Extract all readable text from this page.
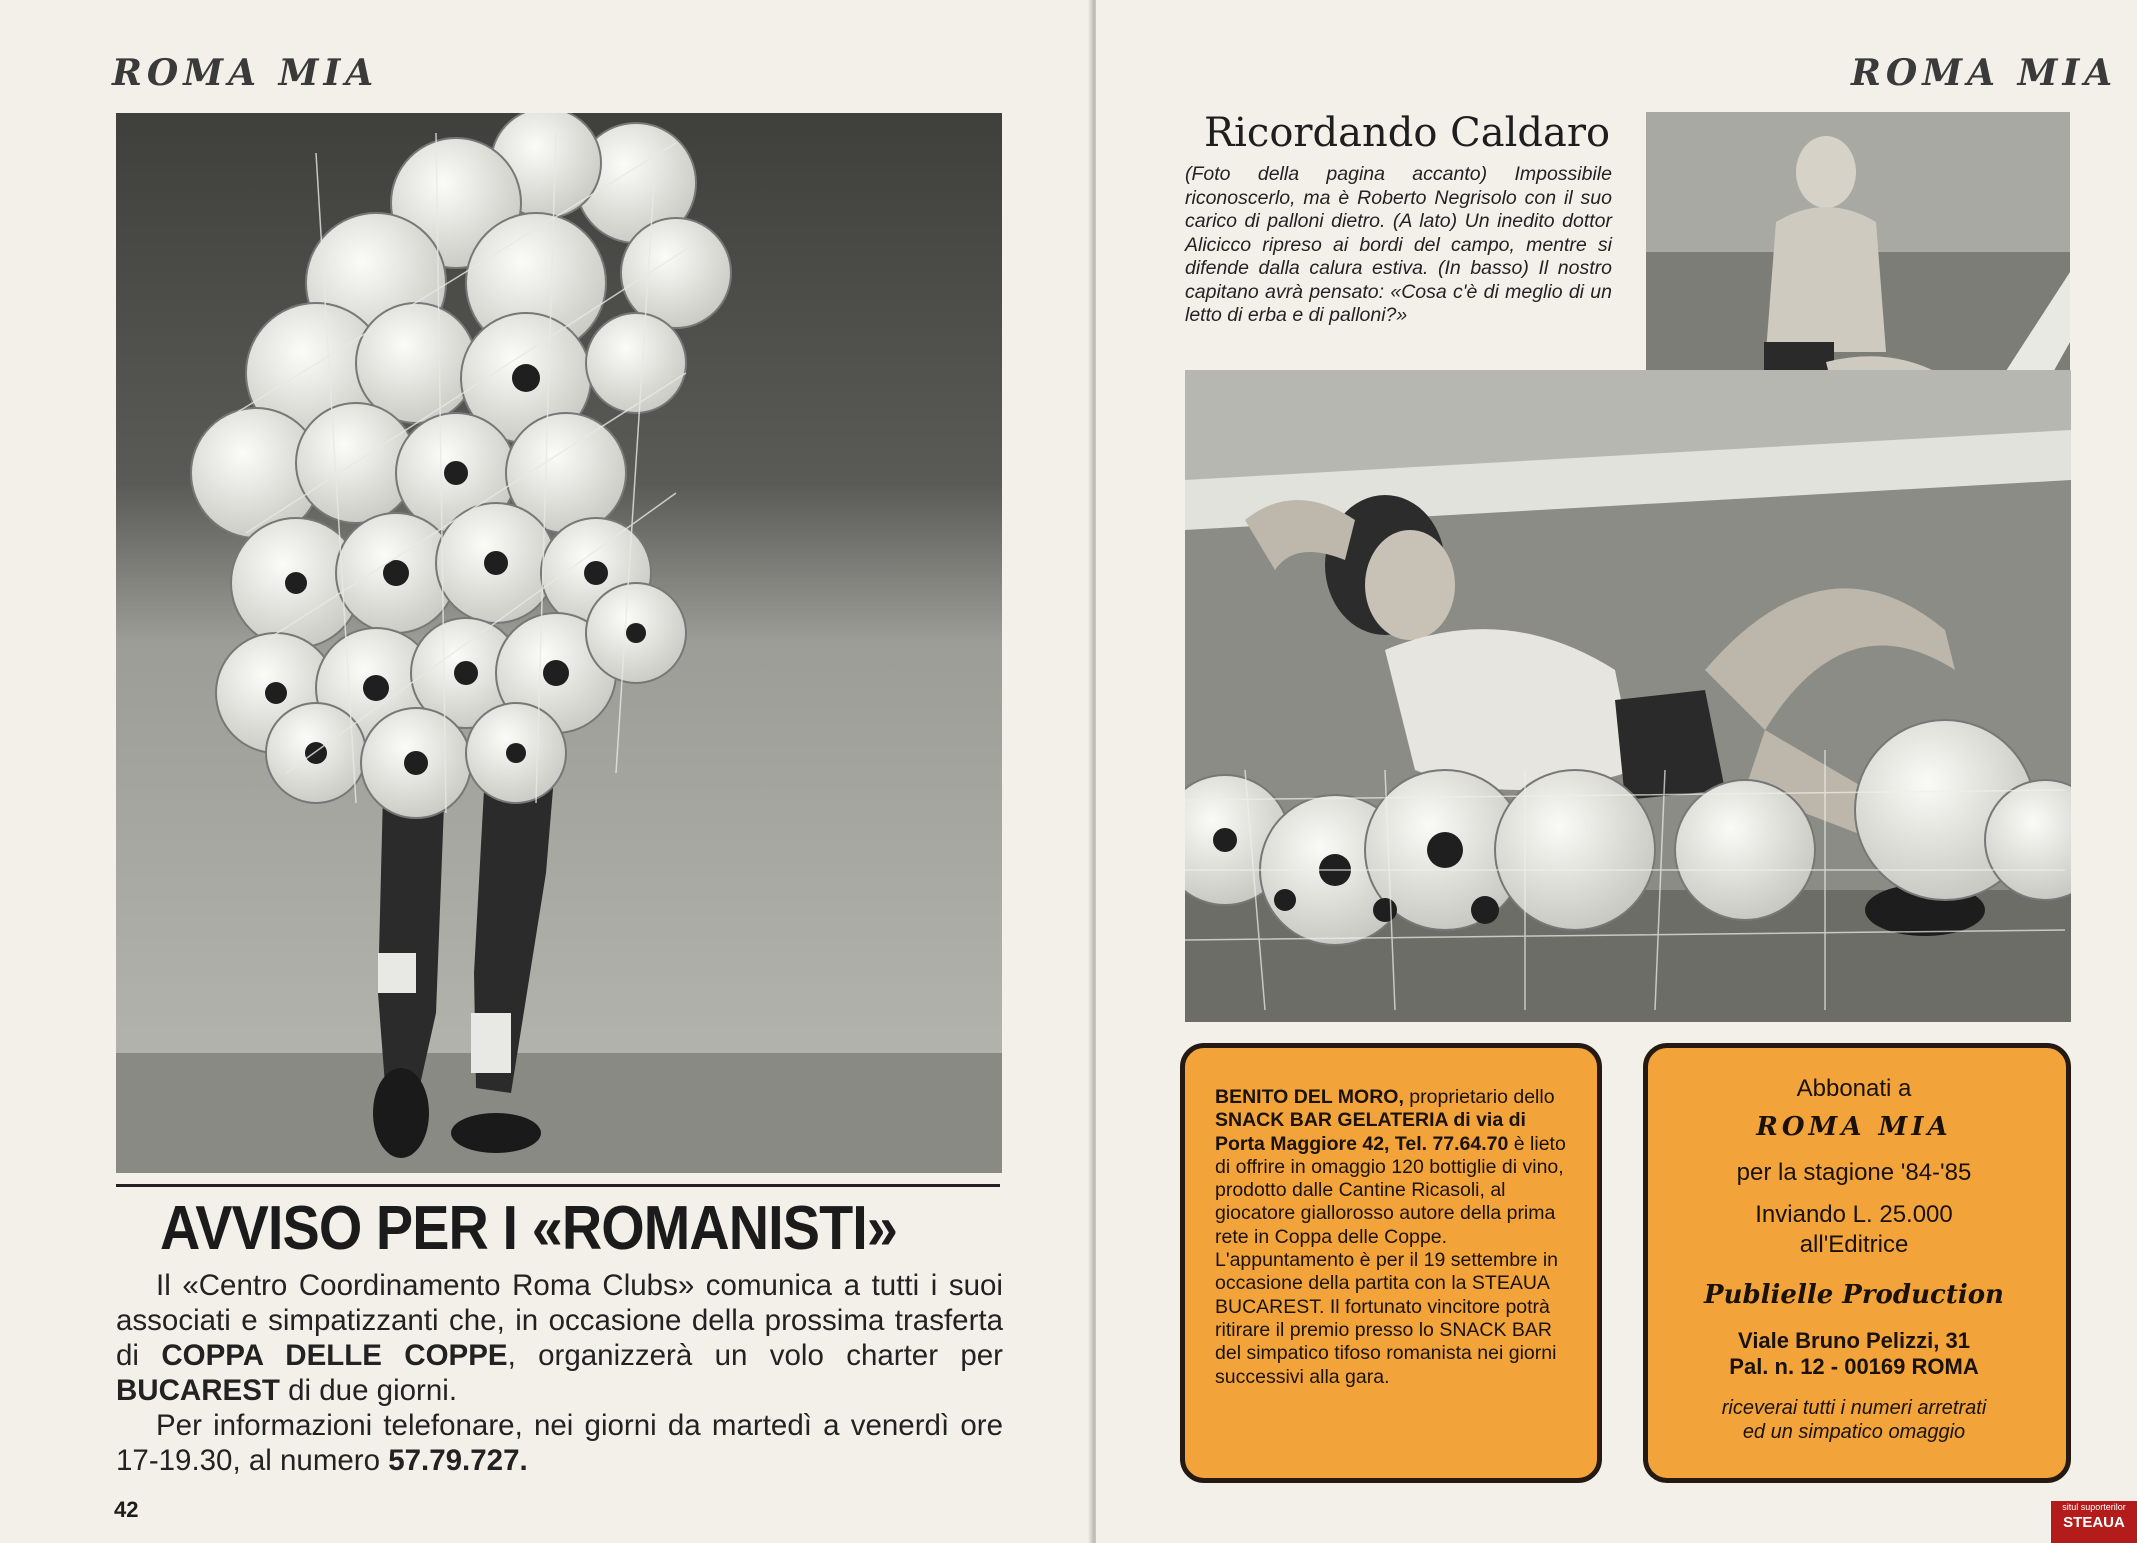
ROMA MIA
AVVISO PER I «ROMANISTI»

Il «Centro Coordinamento Roma Clubs» comunica a tutti i suoi associati e simpatizzanti che, in occasione della prossima trasferta di COPPA DELLE COPPE, organizzerà un volo charter per BUCAREST di due giorni.

Per informazioni telefonare, nei giorni da martedì a venerdì ore 17-19.30, al numero 57.79.727.

42
ROMA MIA
Ricordando Caldaro
(Foto della pagina accanto) Impossibile riconoscerlo, ma è Roberto Negrisolo con il suo carico di palloni dietro. (A lato) Un inedito dottor Alicicco ripreso ai bordi del campo, mentre si difende dalla calura estiva. (In basso) Il nostro capitano avrà pensato: «Cosa c'è di meglio di un letto di erba e di palloni?»
BENITO DEL MORO, proprietario dello SNACK BAR GELATERIA di via di Porta Maggiore 42, Tel. 77.64.70 è lieto di offrire in omaggio 120 bottiglie di vino, prodotto dalle Cantine Ricasoli, al giocatore giallorosso autore della prima rete in Coppa delle Coppe. L'appuntamento è per il 19 settembre in occasione della partita con la STEAUA BUCAREST. Il fortunato vincitore potrà ritirare il premio presso lo SNACK BAR del simpatico tifoso romanista nei giorni successivi alla gara.
Abbonati a
ROMA MIA
per la stagione '84-'85
Inviando L. 25.000
all'Editrice
Publielle Production
Viale Bruno Pelizzi, 31
Pal. n. 12 - 00169 ROMA
riceverai tutti i numeri arretrati
ed un simpatico omaggio
situl suporterilor
STEAUA
